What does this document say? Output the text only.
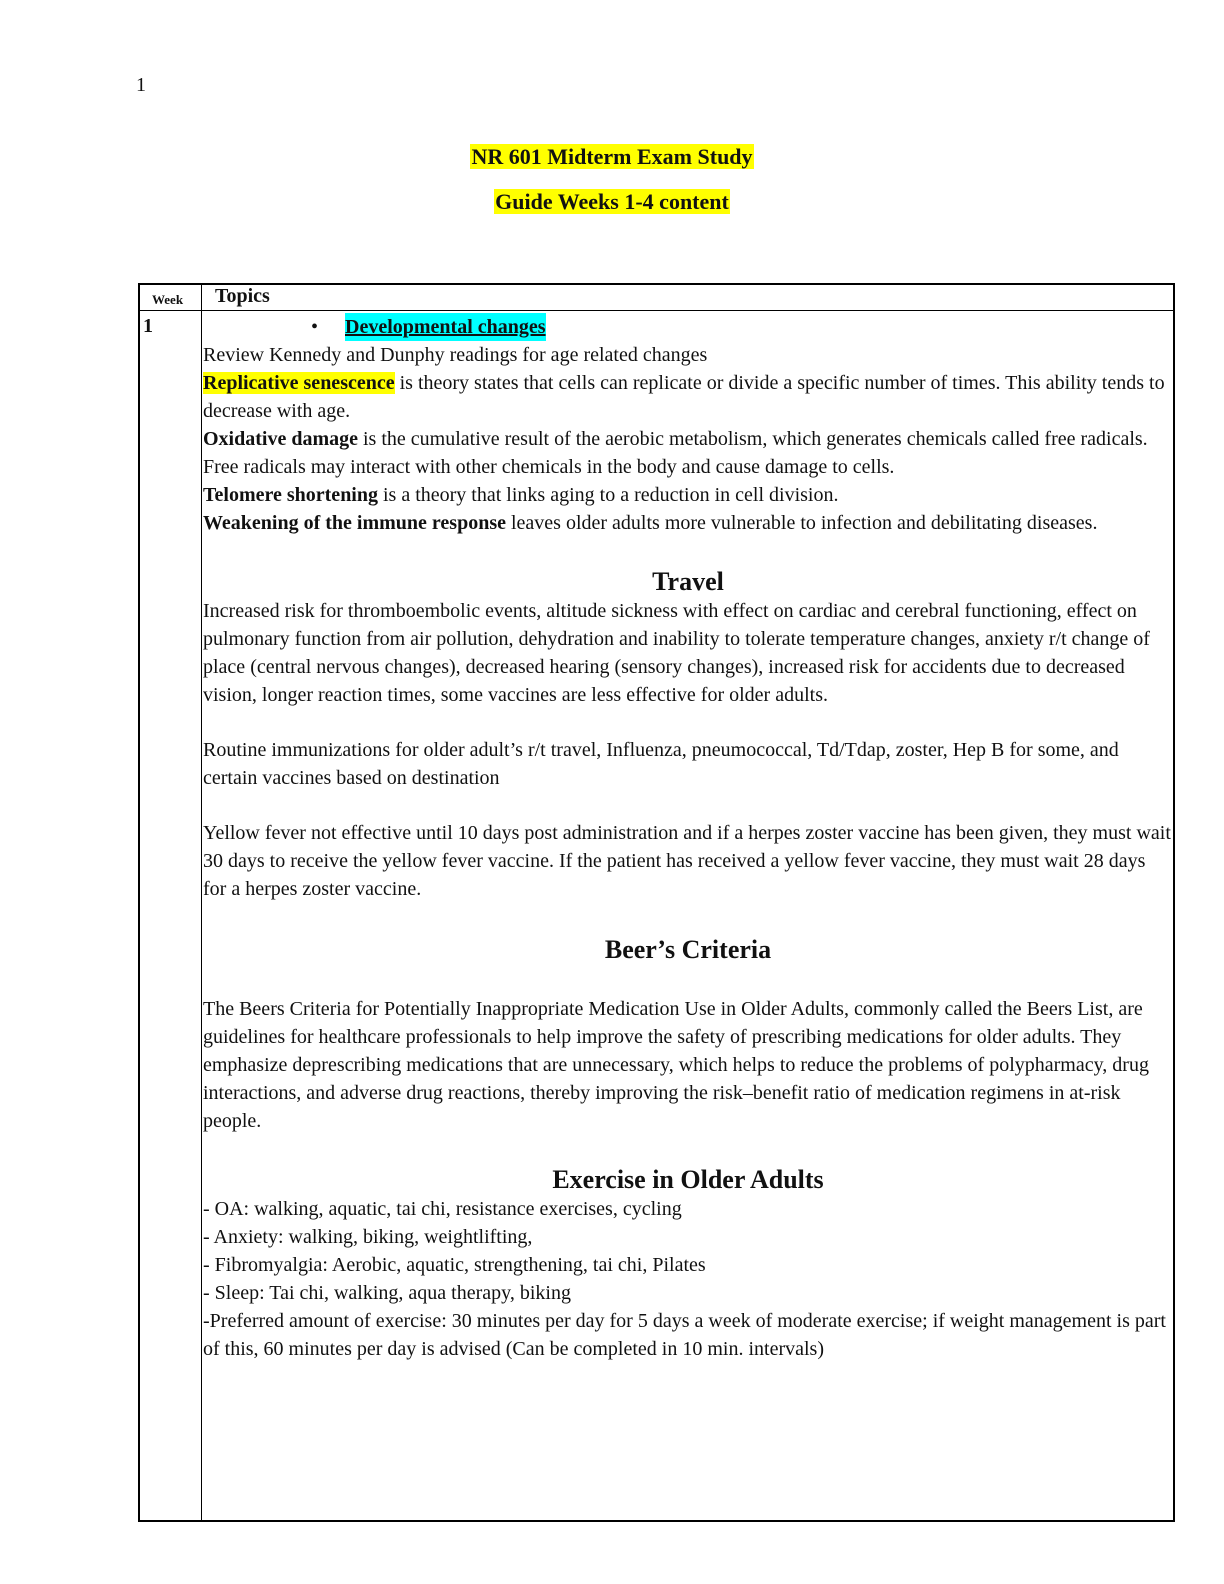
1
NR 601 Midterm Exam Study
Guide Weeks 1-4 content
Week Topics
1	• Developmental changes

Review Kennedy and Dunphy readings for age related changes

Replicative senescence is theory states that cells can replicate or divide a specific number of times. This ability tends to decrease with age.

Oxidative damage is the cumulative result of the aerobic metabolism, which generates chemicals called free radicals. Free radicals may interact with other chemicals in the body and cause damage to cells.

Telomere shortening is a theory that links aging to a reduction in cell division.

Weakening of the immune response leaves older adults more vulnerable to infection and debilitating diseases.

Travel

Increased risk for thromboembolic events, altitude sickness with effect on cardiac and cerebral functioning, effect on pulmonary function from air pollution, dehydration and inability to tolerate temperature changes, anxiety r/t change of place (central nervous changes), decreased hearing (sensory changes), increased risk for accidents due to decreased vision, longer reaction times, some vaccines are less effective for older adults.

Routine immunizations for older adult’s r/t travel, Influenza, pneumococcal, Td/Tdap, zoster, Hep B for some, and certain vaccines based on destination

Yellow fever not effective until 10 days post administration and if a herpes zoster vaccine has been given, they must wait 30 days to receive the yellow fever vaccine. If the patient has received a yellow fever vaccine, they must wait 28 days for a herpes zoster vaccine.

Beer’s Criteria

The Beers Criteria for Potentially Inappropriate Medication Use in Older Adults, commonly called the Beers List, are guidelines for healthcare professionals to help improve the safety of prescribing medications for older adults. They emphasize deprescribing medications that are unnecessary, which helps to reduce the problems of polypharmacy, drug interactions, and adverse drug reactions, thereby improving the risk–benefit ratio of medication regimens in at-risk people.

Exercise in Older Adults

- OA: walking, aquatic, tai chi, resistance exercises, cycling

- Anxiety: walking, biking, weightlifting,

- Fibromyalgia: Aerobic, aquatic, strengthening, tai chi, Pilates

- Sleep: Tai chi, walking, aqua therapy, biking

-Preferred amount of exercise: 30 minutes per day for 5 days a week of moderate exercise; if weight management is part of this, 60 minutes per day is advised (Can be completed in 10 min. intervals)
